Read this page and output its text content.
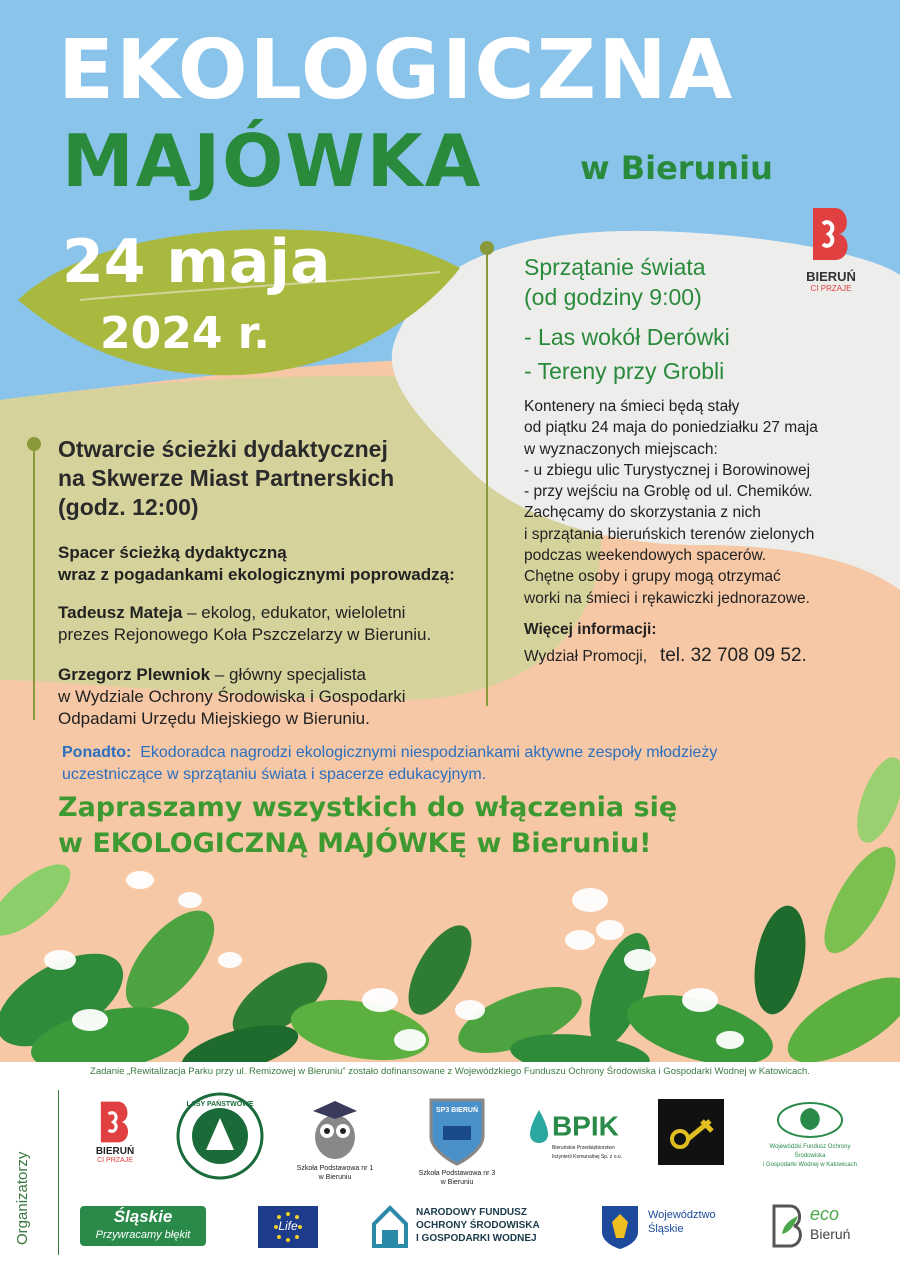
EKOLOGICZNA
MAJÓWKA	w Bieruniu
24 maja
2024 r.
BIERUŃ
CI PRZAJE
Otwarcie ścieżki dydaktycznej
na Skwerze Miast Partnerskich
(godz. 12:00)
Spacer ścieżką dydaktyczną
wraz z pogadankami ekologicznymi poprowadzą:
Tadeusz Mateja – ekolog, edukator, wieloletni
prezes Rejonowego Koła Pszczelarzy w Bieruniu.
Grzegorz Plewniok – główny specjalista
w Wydziale Ochrony Środowiska i Gospodarki
Odpadami Urzędu Miejskiego w Bieruniu.
Sprzątanie świata
(od godziny 9:00)
- Las wokół Derówki
- Tereny przy Grobli
Kontenery na śmieci będą stały
od piątku 24 maja do poniedziałku 27 maja
w wyznaczonych miejscach:
- u zbiegu ulic Turystycznej i Borowinowej
- przy wejściu na Groblę od ul. Chemików.
Zachęcamy do skorzystania z nich
i sprzątania bieruńskich terenów zielonych
podczas weekendowych spacerów.
Chętne osoby i grupy mogą otrzymać
worki na śmieci i rękawiczki jednorazowe.
Więcej informacji:
Wydział Promocji, tel. 32 708 09 52.
Ponadto: Ekodoradca nagrodzi ekologicznymi niespodziankami aktywne zespoły młodzieży
uczestniczące w sprzątaniu świata i spacerze edukacyjnym.
Zapraszamy wszystkich do włączenia się
w EKOLOGICZNĄ MAJÓWKĘ w Bieruniu!
Zadanie „Rewitalizacja Parku przy ul. Remizowej w Bieruniu” zostało dofinansowane z Wojewódzkiego Funduszu Ochrony Środowiska i Gospodarki Wodnej w Katowicach.
Organizatorzy
BIERUŃ
CI PRZAJE
LASY PAŃSTWOWE
Szkoła Podstawowa nr 1
w Bieruniu
SP3 BIERUŃ
Szkoła Podstawowa nr 3
w Bieruniu
BPIK
Bieruńskie Przedsiębiorstwo Inżynierii Komunalnej Sp. z o.o.
Wojewódzki Fundusz Ochrony Środowiska
i Gospodarki Wodnej w Katowicach
Śląskie
Przywracamy błękit
Life
NARODOWY FUNDUSZ
OCHRONY ŚRODOWISKA
I GOSPODARKI WODNEJ
Województwo
Śląskie
eco
Bieruń
